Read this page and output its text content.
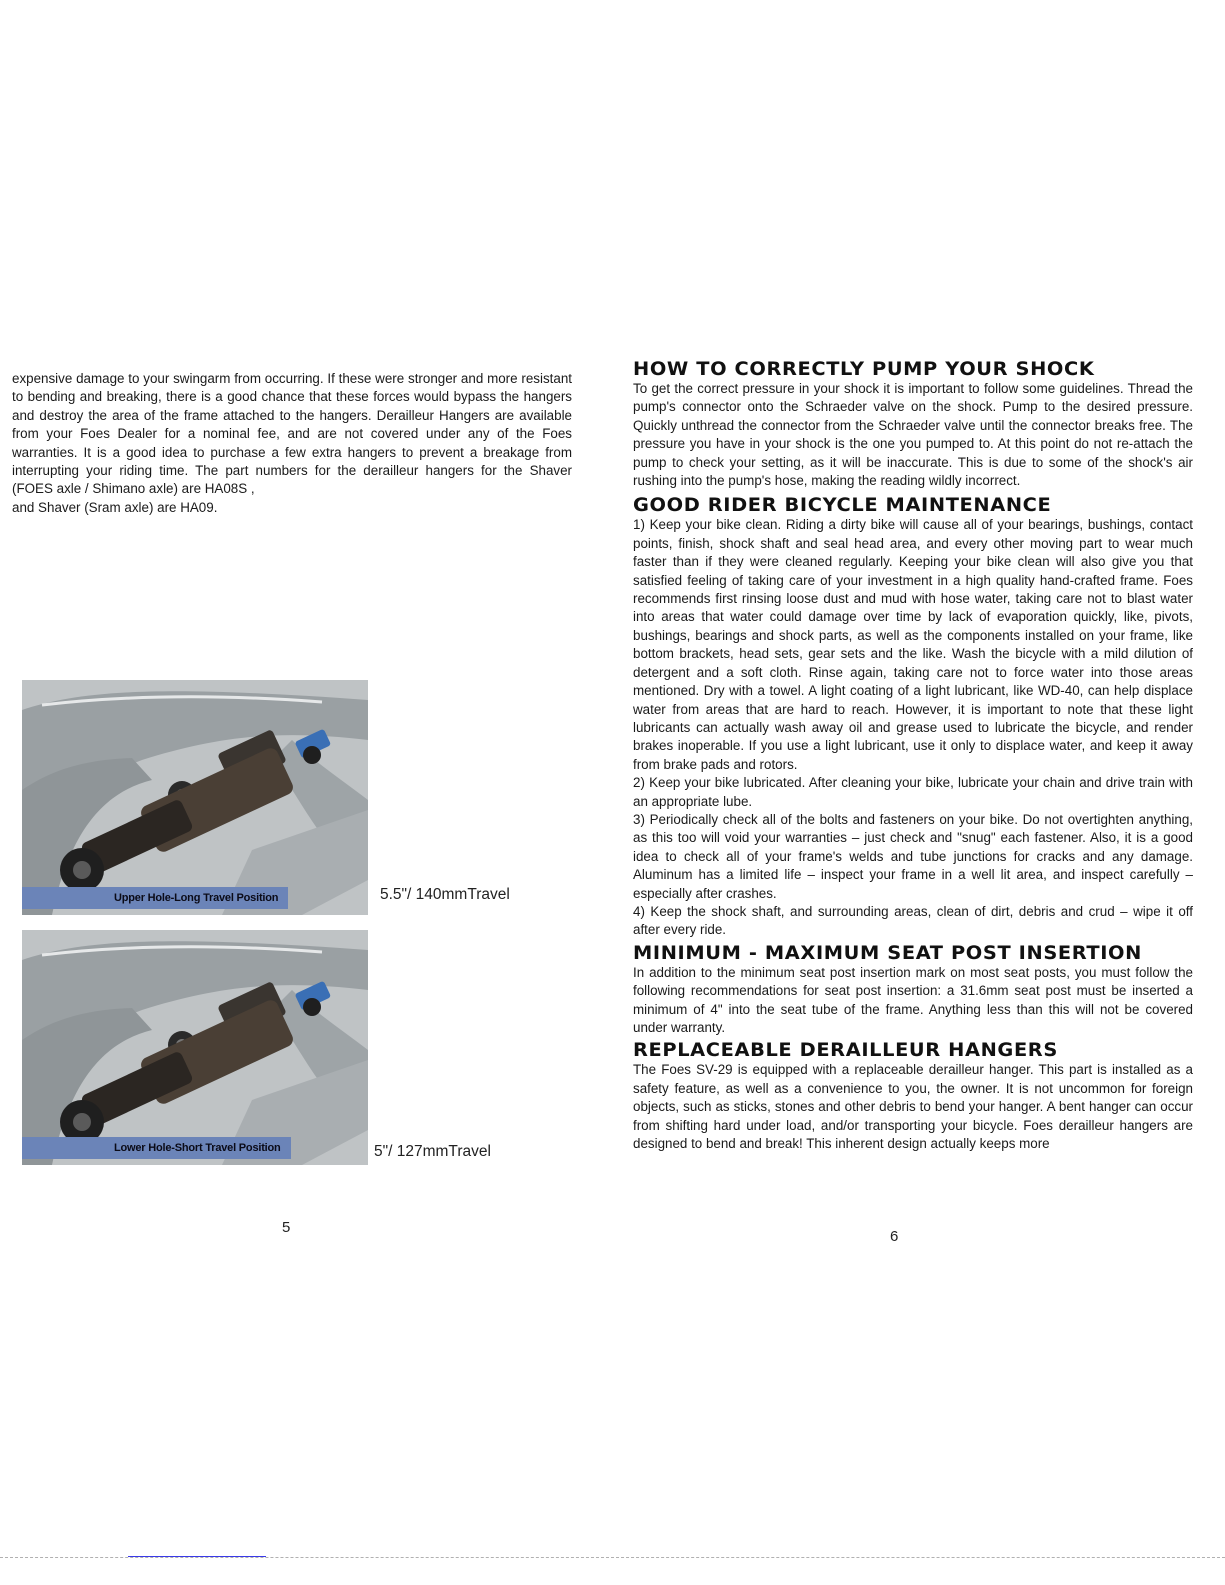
expensive damage to your swingarm from occurring. If these were stronger and more resistant to bending and breaking, there is a good chance that these forces would bypass the hangers and destroy the area of the frame attached to the hangers. Derailleur Hangers are available from your Foes Dealer for a nominal fee, and are not covered under any of the Foes warranties. It is a good idea to purchase a few extra hangers to prevent a breakage from interrupting your riding time. The part numbers for the derailleur hangers for the Shaver (FOES axle / Shimano axle) are HA08S ,

and Shaver (Sram axle) are HA09.

Upper Hole-Long Travel Position	5.5"/ 140mmTravel
Lower Hole-Short Travel Position	5"/ 127mmTravel
5
HOW TO CORRECTLY PUMP YOUR SHOCK

To get the correct pressure in your shock it is important to follow some guidelines. Thread the pump's connector onto the Schraeder valve on the shock. Pump to the desired pressure. Quickly unthread the connector from the Schraeder valve until the connector breaks free. The pressure you have in your shock is the one you pumped to. At this point do not re-attach the pump to check your setting, as it will be inaccurate. This is due to some of the shock's air rushing into the pump's hose, making the reading wildly incorrect.

GOOD RIDER BICYCLE MAINTENANCE

1) Keep your bike clean. Riding a dirty bike will cause all of your bearings, bushings, contact points, finish, shock shaft and seal head area, and every other moving part to wear much faster than if they were cleaned regularly. Keeping your bike clean will also give you that satisfied feeling of taking care of your investment in a high quality hand-crafted frame. Foes recommends first rinsing loose dust and mud with hose water, taking care not to blast water into areas that water could damage over time by lack of evaporation quickly, like, pivots, bushings, bearings and shock parts, as well as the components installed on your frame, like bottom brackets, head sets, gear sets and the like. Wash the bicycle with a mild dilution of detergent and a soft cloth. Rinse again, taking care not to force water into those areas mentioned. Dry with a towel. A light coating of a light lubricant, like WD-40, can help displace water from areas that are hard to reach. However, it is important to note that these light lubricants can actually wash away oil and grease used to lubricate the bicycle, and render brakes inoperable. If you use a light lubricant, use it only to displace water, and keep it away from brake pads and rotors.

2) Keep your bike lubricated. After cleaning your bike, lubricate your chain and drive train with an appropriate lube.

3) Periodically check all of the bolts and fasteners on your bike. Do not overtighten anything, as this too will void your warranties – just check and "snug" each fastener. Also, it is a good idea to check all of your frame's welds and tube junctions for cracks and any damage. Aluminum has a limited life – inspect your frame in a well lit area, and inspect carefully – especially after crashes.

4) Keep the shock shaft, and surrounding areas, clean of dirt, debris and crud – wipe it off after every ride.

MINIMUM - MAXIMUM SEAT POST INSERTION

In addition to the minimum seat post insertion mark on most seat posts, you must follow the following recommendations for seat post insertion: a 31.6mm seat post must be inserted a minimum of 4" into the seat tube of the frame. Anything less than this will not be covered under warranty.

REPLACEABLE DERAILLEUR HANGERS

The Foes SV-29 is equipped with a replaceable derailleur hanger. This part is installed as a safety feature, as well as a convenience to you, the owner. It is not uncommon for foreign objects, such as sticks, stones and other debris to bend your hanger. A bent hanger can occur from shifting hard under load, and/or transporting your bicycle. Foes derailleur hangers are designed to bend and break! This inherent design actually keeps more

6
